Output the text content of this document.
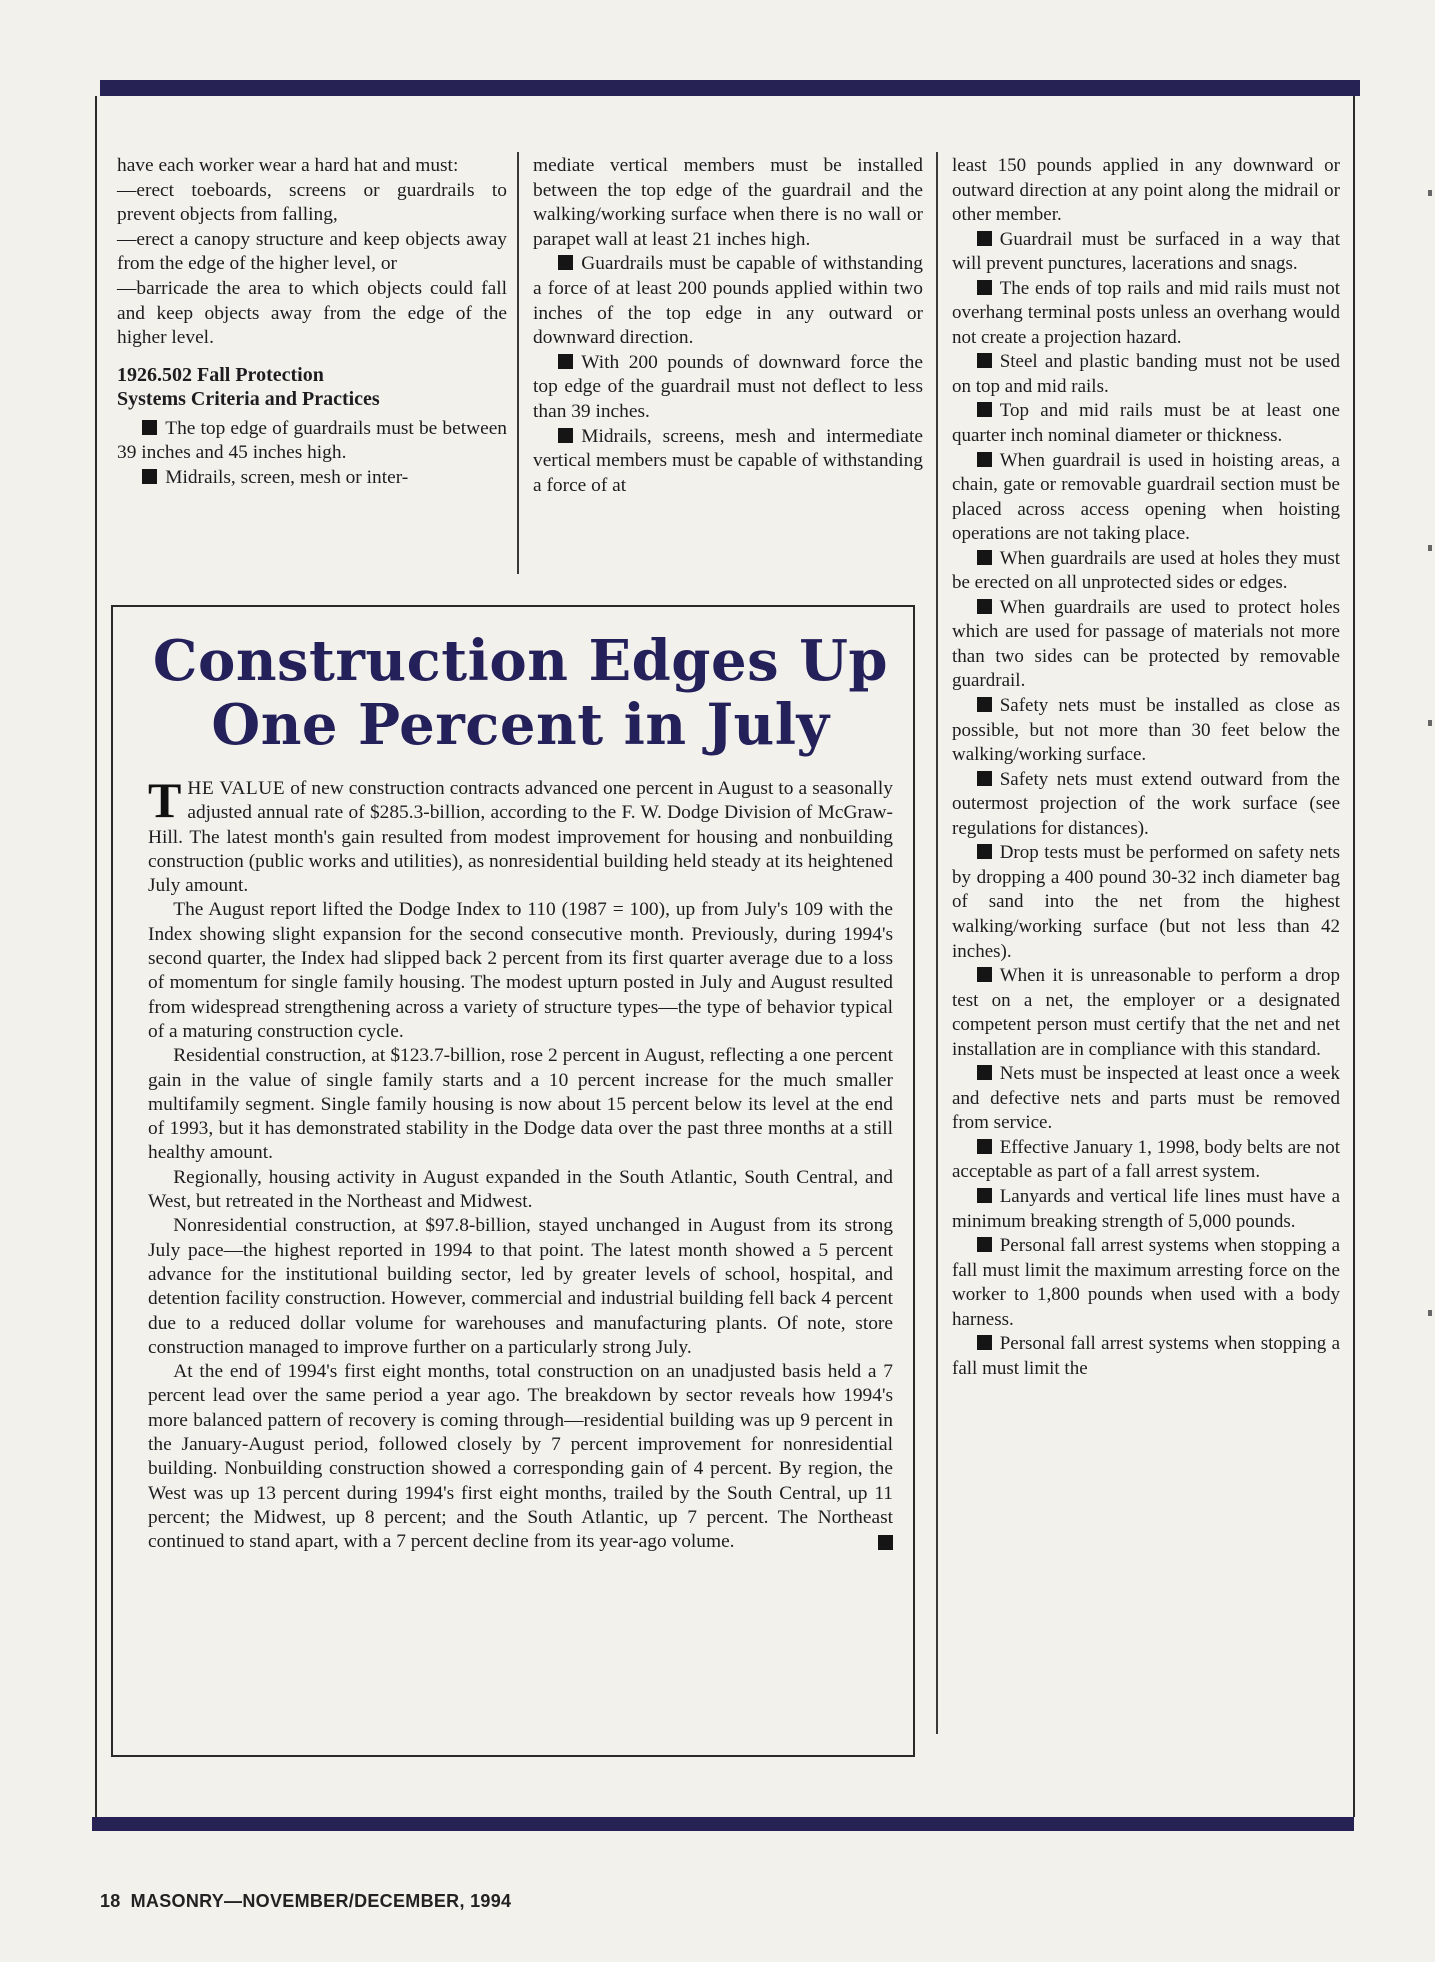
have each worker wear a hard hat and must:

—erect toeboards, screens or guardrails to prevent objects from falling,

—erect a canopy structure and keep objects away from the edge of the higher level, or

—barricade the area to which objects could fall and keep objects away from the edge of the higher level.

1926.502 Fall Protection
Systems Criteria and Practices

The top edge of guardrails must be between 39 inches and 45 inches high.

Midrails, screen, mesh or inter-

mediate vertical members must be installed between the top edge of the guardrail and the walking/working surface when there is no wall or parapet wall at least 21 inches high.

Guardrails must be capable of withstanding a force of at least 200 pounds applied within two inches of the top edge in any outward or downward direction.

With 200 pounds of downward force the top edge of the guardrail must not deflect to less than 39 inches.

Midrails, screens, mesh and intermediate vertical members must be capable of withstanding a force of at

least 150 pounds applied in any downward or outward direction at any point along the midrail or other member.

Guardrail must be surfaced in a way that will prevent punctures, lacerations and snags.

The ends of top rails and mid rails must not overhang terminal posts unless an overhang would not create a projection hazard.

Steel and plastic banding must not be used on top and mid rails.

Top and mid rails must be at least one quarter inch nominal diameter or thickness.

When guardrail is used in hoisting areas, a chain, gate or removable guardrail section must be placed across access opening when hoisting operations are not taking place.

When guardrails are used at holes they must be erected on all unprotected sides or edges.

When guardrails are used to protect holes which are used for passage of materials not more than two sides can be protected by removable guardrail.

Safety nets must be installed as close as possible, but not more than 30 feet below the walking/working surface.

Safety nets must extend outward from the outermost projection of the work surface (see regulations for distances).

Drop tests must be performed on safety nets by dropping a 400 pound 30-32 inch diameter bag of sand into the net from the highest walking/working surface (but not less than 42 inches).

When it is unreasonable to perform a drop test on a net, the employer or a designated competent person must certify that the net and net installation are in compliance with this standard.

Nets must be inspected at least once a week and defective nets and parts must be removed from service.

Effective January 1, 1998, body belts are not acceptable as part of a fall arrest system.

Lanyards and vertical life lines must have a minimum breaking strength of 5,000 pounds.

Personal fall arrest systems when stopping a fall must limit the maximum arresting force on the worker to 1,800 pounds when used with a body harness.

Personal fall arrest systems when stopping a fall must limit the

Construction Edges Up
One Percent in July

THE VALUE of new construction contracts advanced one percent in August to a seasonally adjusted annual rate of $285.3-billion, according to the F. W. Dodge Division of McGraw-Hill. The latest month's gain resulted from modest improvement for housing and nonbuilding construction (public works and utilities), as nonresidential building held steady at its heightened July amount.

The August report lifted the Dodge Index to 110 (1987 = 100), up from July's 109 with the Index showing slight expansion for the second consecutive month. Previously, during 1994's second quarter, the Index had slipped back 2 percent from its first quarter average due to a loss of momentum for single family housing. The modest upturn posted in July and August resulted from widespread strengthening across a variety of structure types—the type of behavior typical of a maturing construction cycle.

Residential construction, at $123.7-billion, rose 2 percent in August, reflecting a one percent gain in the value of single family starts and a 10 percent increase for the much smaller multifamily segment. Single family housing is now about 15 percent below its level at the end of 1993, but it has demonstrated stability in the Dodge data over the past three months at a still healthy amount.

Regionally, housing activity in August expanded in the South Atlantic, South Central, and West, but retreated in the Northeast and Midwest.

Nonresidential construction, at $97.8-billion, stayed unchanged in August from its strong July pace—the highest reported in 1994 to that point. The latest month showed a 5 percent advance for the institutional building sector, led by greater levels of school, hospital, and detention facility construction. However, commercial and industrial building fell back 4 percent due to a reduced dollar volume for warehouses and manufacturing plants. Of note, store construction managed to improve further on a particularly strong July.

At the end of 1994's first eight months, total construction on an unadjusted basis held a 7 percent lead over the same period a year ago. The breakdown by sector reveals how 1994's more balanced pattern of recovery is coming through—residential building was up 9 percent in the January-August period, followed closely by 7 percent improvement for nonresidential building. Nonbuilding construction showed a corresponding gain of 4 percent. By region, the West was up 13 percent during 1994's first eight months, trailed by the South Central, up 11 percent; the Midwest, up 8 percent; and the South Atlantic, up 7 percent. The Northeast continued to stand apart, with a 7 percent decline from its year-ago volume.

18 MASONRY—NOVEMBER/DECEMBER, 1994
